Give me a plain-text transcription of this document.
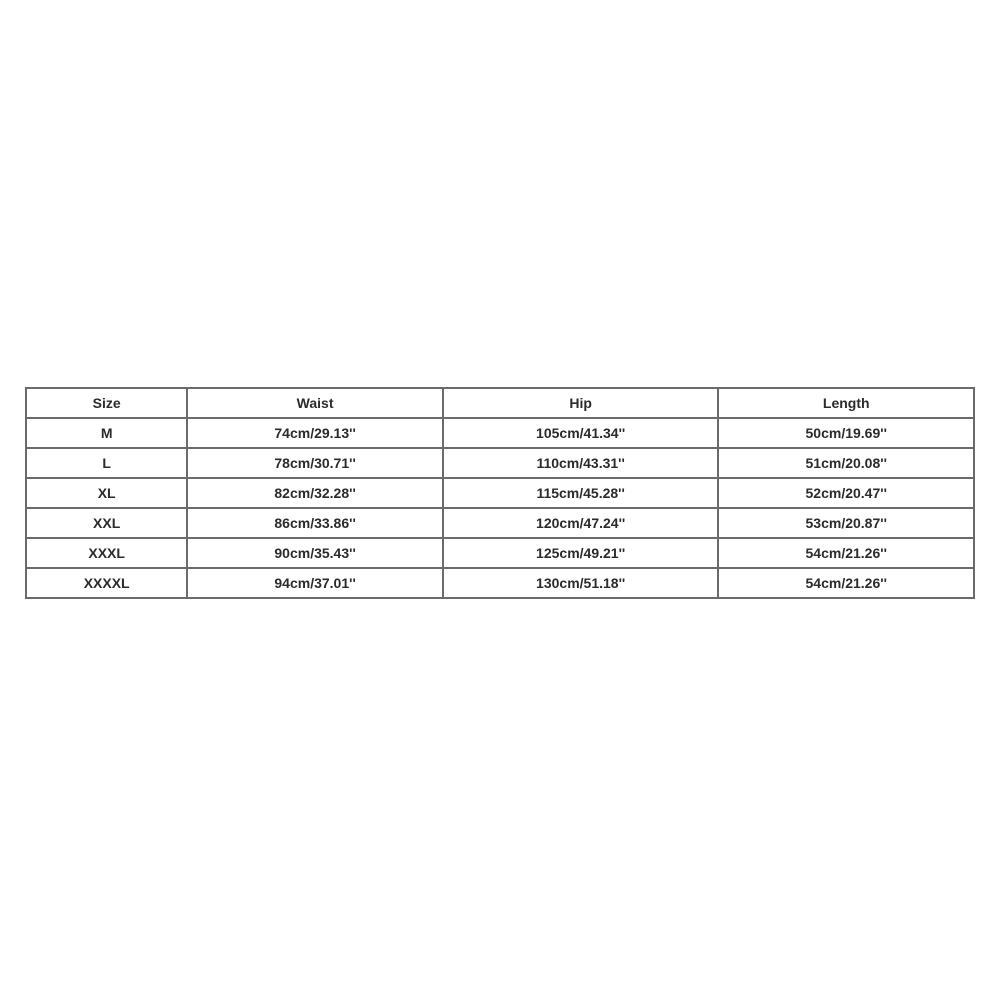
Size	Waist	Hip	Length
M	74cm/29.13''	105cm/41.34''	50cm/19.69''
L	78cm/30.71''	110cm/43.31''	51cm/20.08''
XL	82cm/32.28''	115cm/45.28''	52cm/20.47''
XXL	86cm/33.86''	120cm/47.24''	53cm/20.87''
XXXL	90cm/35.43''	125cm/49.21''	54cm/21.26''
XXXXL	94cm/37.01''	130cm/51.18''	54cm/21.26''
